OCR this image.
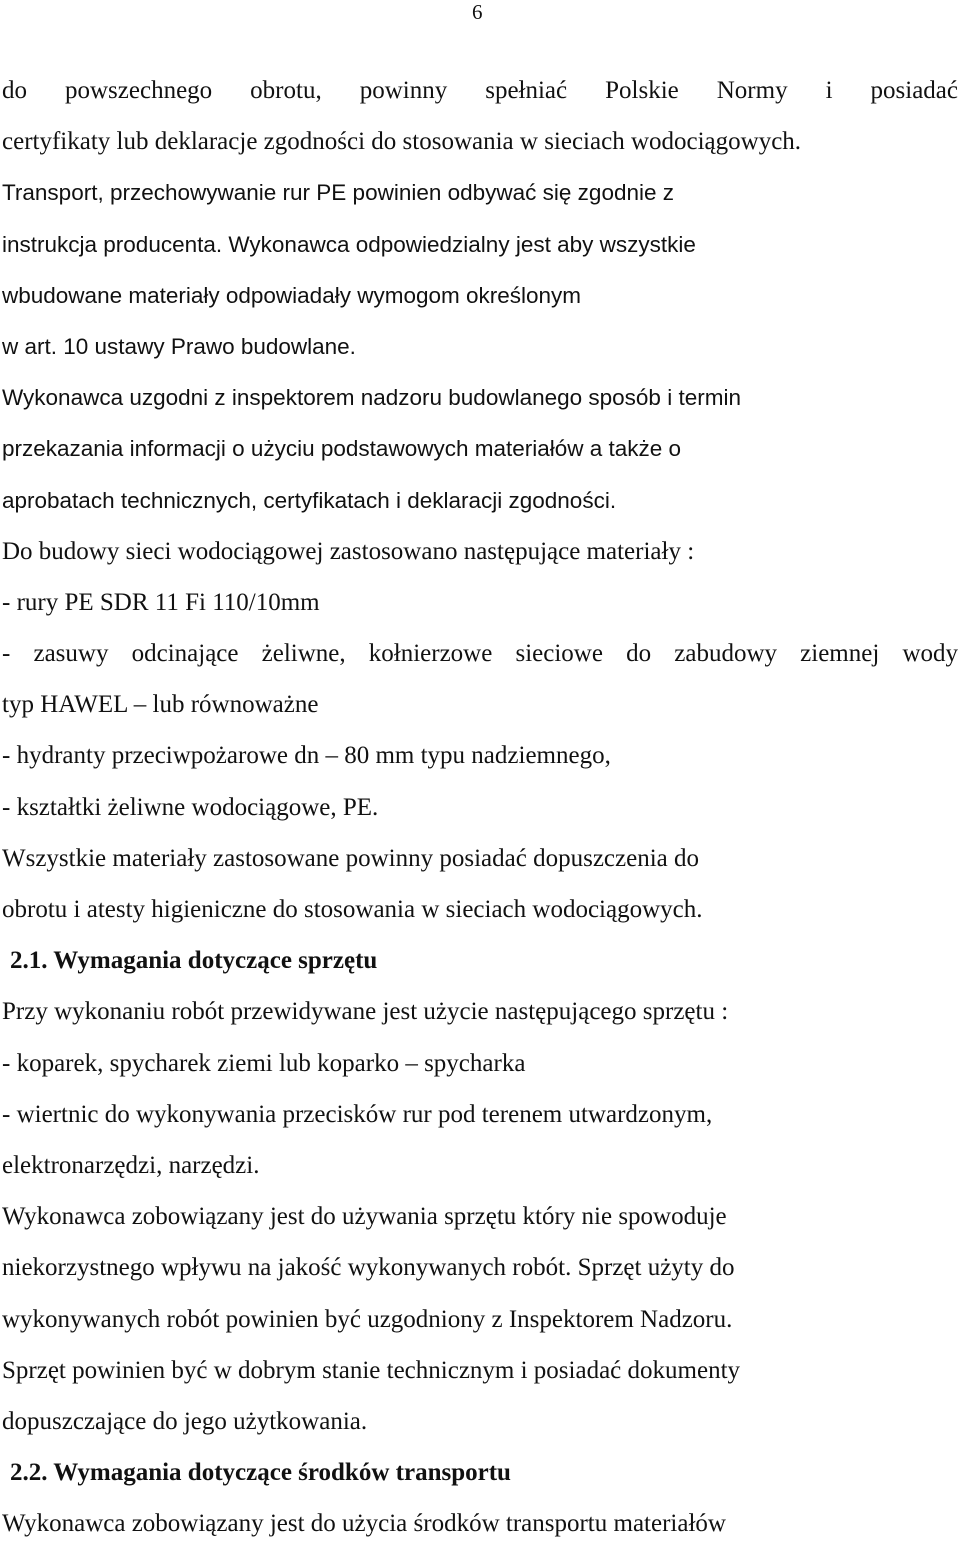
6
do powszechnego obrotu, powinny spełniać Polskie Normy i posiadać
certyfikaty lub deklaracje zgodności do stosowania w sieciach wodociągowych.
Transport, przechowywanie rur PE powinien odbywać się zgodnie z
instrukcja producenta. Wykonawca odpowiedzialny jest aby wszystkie
wbudowane materiały odpowiadały wymogom określonym
w art. 10 ustawy Prawo budowlane.
Wykonawca uzgodni z inspektorem nadzoru budowlanego sposób i termin
przekazania informacji o użyciu podstawowych materiałów a także o
aprobatach technicznych, certyfikatach i deklaracji zgodności.
Do budowy sieci wodociągowej zastosowano następujące materiały :
- rury PE SDR 11 Fi 110/10mm
- zasuwy odcinające żeliwne, kołnierzowe sieciowe do zabudowy ziemnej wody
typ HAWEL – lub równoważne
- hydranty przeciwpożarowe dn – 80 mm typu nadziemnego,
- kształtki żeliwne wodociągowe, PE.
Wszystkie materiały zastosowane powinny posiadać dopuszczenia do
obrotu i atesty higieniczne do stosowania w sieciach wodociągowych.
2.1. Wymagania dotyczące sprzętu
Przy wykonaniu robót przewidywane jest użycie następującego sprzętu :
- koparek, spycharek ziemi lub koparko – spycharka
- wiertnic do wykonywania przecisków rur pod terenem utwardzonym,
elektronarzędzi, narzędzi.
Wykonawca zobowiązany jest do używania sprzętu który nie spowoduje
niekorzystnego wpływu na jakość wykonywanych robót. Sprzęt użyty do
wykonywanych robót powinien być uzgodniony z Inspektorem Nadzoru.
Sprzęt powinien być w dobrym stanie technicznym i posiadać dokumenty
dopuszczające do jego użytkowania.
2.2. Wymagania dotyczące środków transportu
Wykonawca zobowiązany jest do użycia środków transportu materiałów
